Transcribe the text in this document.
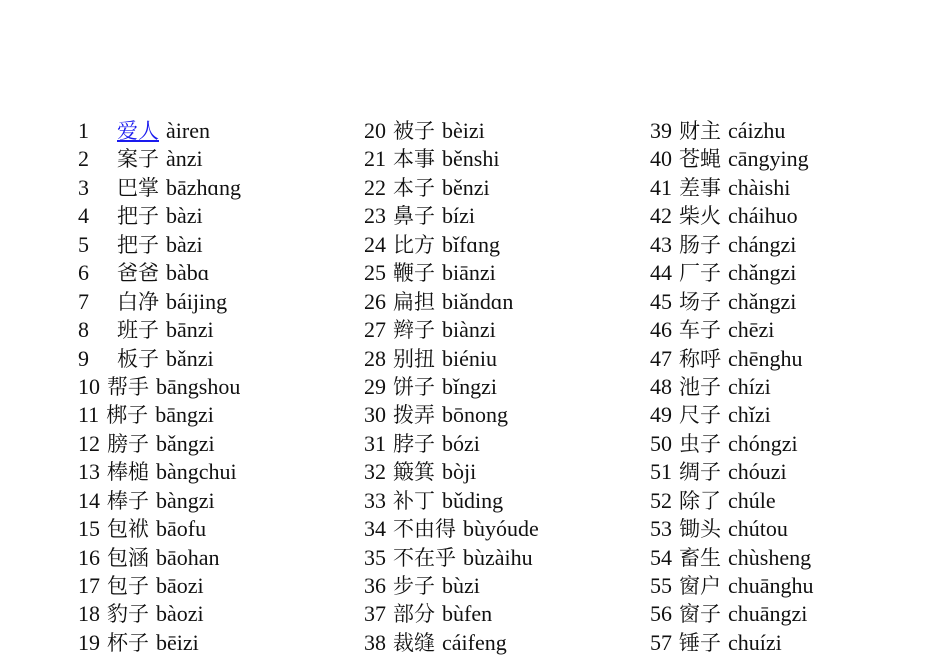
1 爱人 àiren
2 案子 ànzi
3 巴掌 bāzhɑng
4 把子 bàzi
5 把子 bàzi
6 爸爸 bàbɑ
7 白净 báijing
8 班子 bānzi
9 板子 bǎnzi
10 帮手 bāngshou
11 梆子 bāngzi
12 膀子 bǎngzi
13 棒槌 bàngchui
14 棒子 bàngzi
15 包袱 bāofu
16 包涵 bāohan
17 包子 bāozi
18 豹子 bàozi
19 杯子 bēizi
20 被子 bèizi
21 本事 běnshi
22 本子 běnzi
23 鼻子 bízi
24 比方 bǐfɑng
25 鞭子 biānzi
26 扁担 biǎndɑn
27 辫子 biànzi
28 别扭 biéniu
29 饼子 bǐngzi
30 拨弄 bōnong
31 脖子 bózi
32 簸箕 bòji
33 补丁 bǔding
34 不由得 bùyóude
35 不在乎 bùzàihu
36 步子 bùzi
37 部分 bùfen
38 裁缝 cáifeng
39 财主 cáizhu
40 苍蝇 cāngying
41 差事 chàishi
42 柴火 cháihuo
43 肠子 chángzi
44 厂子 chǎngzi
45 场子 chǎngzi
46 车子 chēzi
47 称呼 chēnghu
48 池子 chízi
49 尺子 chǐzi
50 虫子 chóngzi
51 绸子 chóuzi
52 除了 chúle
53 锄头 chútou
54 畜生 chùsheng
55 窗户 chuānghu
56 窗子 chuāngzi
57 锤子 chuízi
